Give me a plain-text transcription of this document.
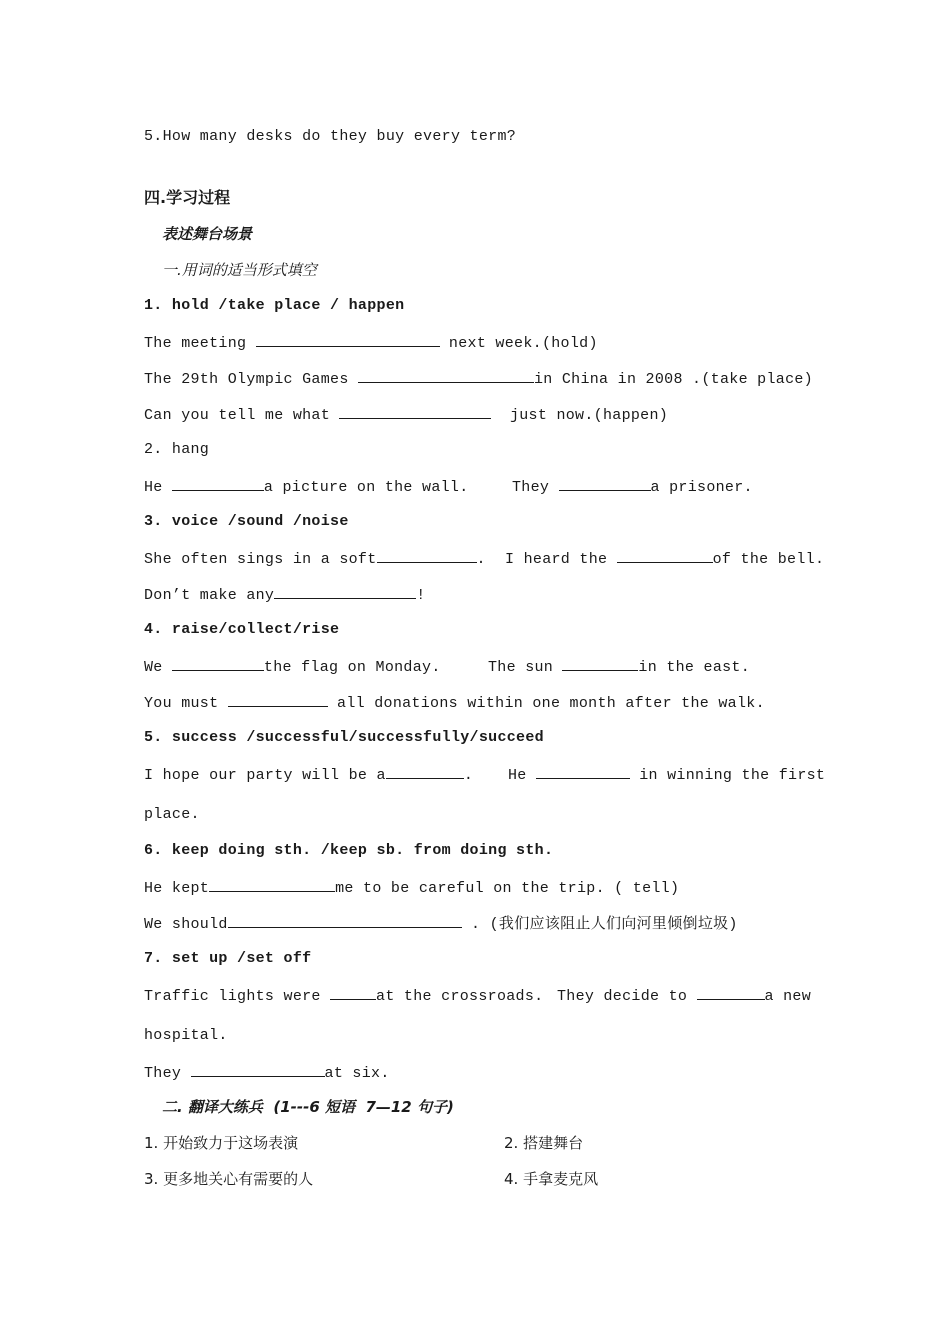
5.How many desks do they buy every term?
四.学习过程
表述舞台场景
一.用词的适当形式填空
1. hold /take place / happen
The meeting	next week.(hold)
The 29th Olympic Games	in China in 2008 .(take place)
Can you tell me what	just now.(happen)
2. hang
He	a picture on the wall.	They	a prisoner.
3. voice /sound /noise
She often sings in a soft	. I heard the	of the bell.
Don’t make any	!
4. raise/collect/rise
We	the flag on Monday.	The sun	in the east.
You must	all donations within one month after the walk.
5. success /successful/successfully/succeed
I hope our party will be a	. He	in winning the first
place.
6. keep doing sth. /keep sb. from doing sth.
He kept	me to be careful on the trip. ( tell)
We should	. (我们应该阻止人们向河里倾倒垃圾)
7. set up /set off
Traffic lights were	at the crossroads. They decide to	a new
hospital.
They	at six.
二. 翻译大练兵  (1---6 短语  7—12 句子)
1. 开始致力于这场表演	2. 搭建舞台
3. 更多地关心有需要的人	4. 手拿麦克风
